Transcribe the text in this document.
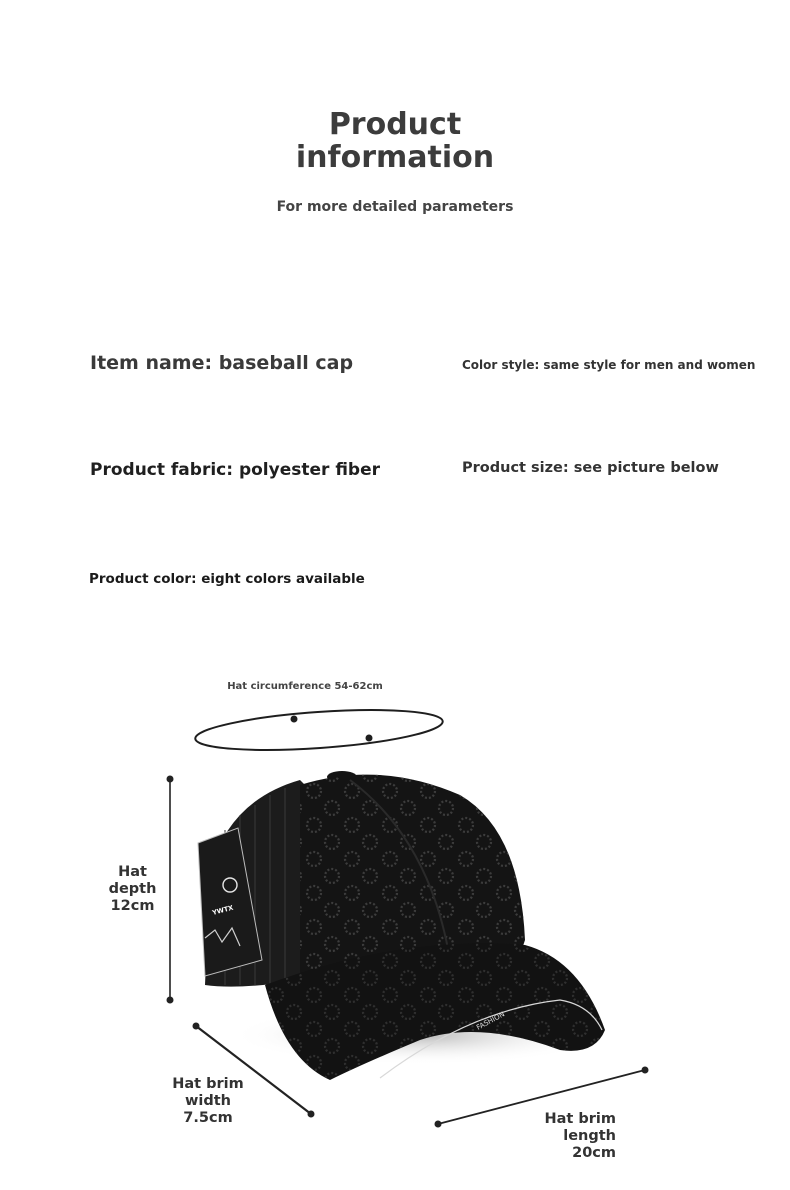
Product
information
For more detailed parameters
Item name: baseball cap	Color style: same style for men and women
Product fabric: polyester fiber	Product size: see picture below
Product color: eight colors available
FASHION
YWTX
Hat circumference 54-62cm
Hat
depth
12cm
Hat brim
width
7.5cm	Hat brim
length
20cm
